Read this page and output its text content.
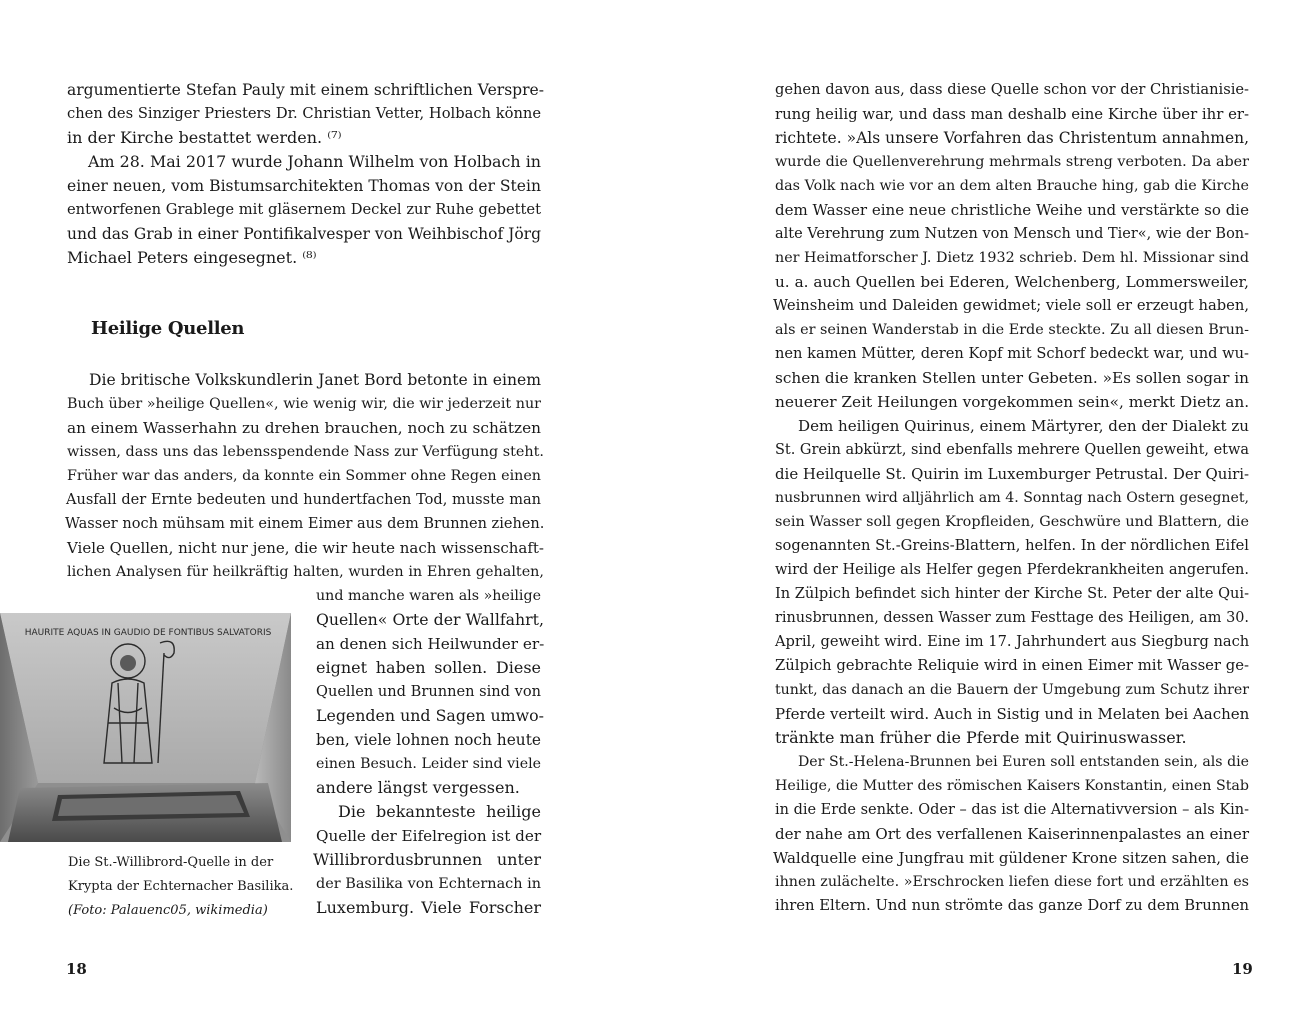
argumentierte Stefan Pauly mit einem schriftlichen Verspre-
chen des Sinziger Priesters Dr. Christian Vetter, Holbach könne
in der Kirche bestattet werden. ⁽⁷⁾
Am 28. Mai 2017 wurde Johann Wilhelm von Holbach in
einer neuen, vom Bistumsarchitekten Thomas von der Stein
entworfenen Grablege mit gläsernem Deckel zur Ruhe gebettet
und das Grab in einer Pontifikalvesper von Weihbischof Jörg
Michael Peters eingesegnet. ⁽⁸⁾
Heilige Quellen
Die britische Volkskundlerin Janet Bord betonte in einem
Buch über »heilige Quellen«, wie wenig wir, die wir jederzeit nur
an einem Wasserhahn zu drehen brauchen, noch zu schätzen
wissen, dass uns das lebensspendende Nass zur Verfügung steht.
Früher war das anders, da konnte ein Sommer ohne Regen einen
Ausfall der Ernte bedeuten und hundertfachen Tod, musste man
Wasser noch mühsam mit einem Eimer aus dem Brunnen ziehen.
Viele Quellen, nicht nur jene, die wir heute nach wissenschaft-
lichen Analysen für heilkräftig halten, wurden in Ehren gehalten,
und manche waren als »heilige
Quellen« Orte der Wallfahrt,
an denen sich Heilwunder er-
eignet haben sollen. Diese
Quellen und Brunnen sind von
Legenden und Sagen umwo-
ben, viele lohnen noch heute
einen Besuch. Leider sind viele
andere längst vergessen.
Die bekannteste heilige
Quelle der Eifelregion ist der
Willibrordusbrunnen unter
der Basilika von Echternach in
Luxemburg. Viele Forscher
HAURITE AQUAS IN GAUDIO DE FONTIBUS SALVATORIS
Die St.-Willibrord-Quelle in der
Krypta der Echternacher Basilika.
(Foto: Palauenc05, wikimedia)
18
gehen davon aus, dass diese Quelle schon vor der Christianisie-
rung heilig war, und dass man deshalb eine Kirche über ihr er-
richtete. »Als unsere Vorfahren das Christentum annahmen,
wurde die Quellenverehrung mehrmals streng verboten. Da aber
das Volk nach wie vor an dem alten Brauche hing, gab die Kirche
dem Wasser eine neue christliche Weihe und verstärkte so die
alte Verehrung zum Nutzen von Mensch und Tier«, wie der Bon-
ner Heimatforscher J. Dietz 1932 schrieb. Dem hl. Missionar sind
u. a. auch Quellen bei Ederen, Welchenberg, Lommersweiler,
Weinsheim und Daleiden gewidmet; viele soll er erzeugt haben,
als er seinen Wanderstab in die Erde steckte. Zu all diesen Brun-
nen kamen Mütter, deren Kopf mit Schorf bedeckt war, und wu-
schen die kranken Stellen unter Gebeten. »Es sollen sogar in
neuerer Zeit Heilungen vorgekommen sein«, merkt Dietz an.
Dem heiligen Quirinus, einem Märtyrer, den der Dialekt zu
St. Grein abkürzt, sind ebenfalls mehrere Quellen geweiht, etwa
die Heilquelle St. Quirin im Luxemburger Petrustal. Der Quiri-
nusbrunnen wird alljährlich am 4. Sonntag nach Ostern gesegnet,
sein Wasser soll gegen Kropfleiden, Geschwüre und Blattern, die
sogenannten St.-Greins-Blattern, helfen. In der nördlichen Eifel
wird der Heilige als Helfer gegen Pferdekrankheiten angerufen.
In Zülpich befindet sich hinter der Kirche St. Peter der alte Qui-
rinusbrunnen, dessen Wasser zum Festtage des Heiligen, am 30.
April, geweiht wird. Eine im 17. Jahrhundert aus Siegburg nach
Zülpich gebrachte Reliquie wird in einen Eimer mit Wasser ge-
tunkt, das danach an die Bauern der Umgebung zum Schutz ihrer
Pferde verteilt wird. Auch in Sistig und in Melaten bei Aachen
tränkte man früher die Pferde mit Quirinuswasser.
Der St.-Helena-Brunnen bei Euren soll entstanden sein, als die
Heilige, die Mutter des römischen Kaisers Konstantin, einen Stab
in die Erde senkte. Oder – das ist die Alternativversion – als Kin-
der nahe am Ort des verfallenen Kaiserinnenpalastes an einer
Waldquelle eine Jungfrau mit güldener Krone sitzen sahen, die
ihnen zulächelte. »Erschrocken liefen diese fort und erzählten es
ihren Eltern. Und nun strömte das ganze Dorf zu dem Brunnen
19
